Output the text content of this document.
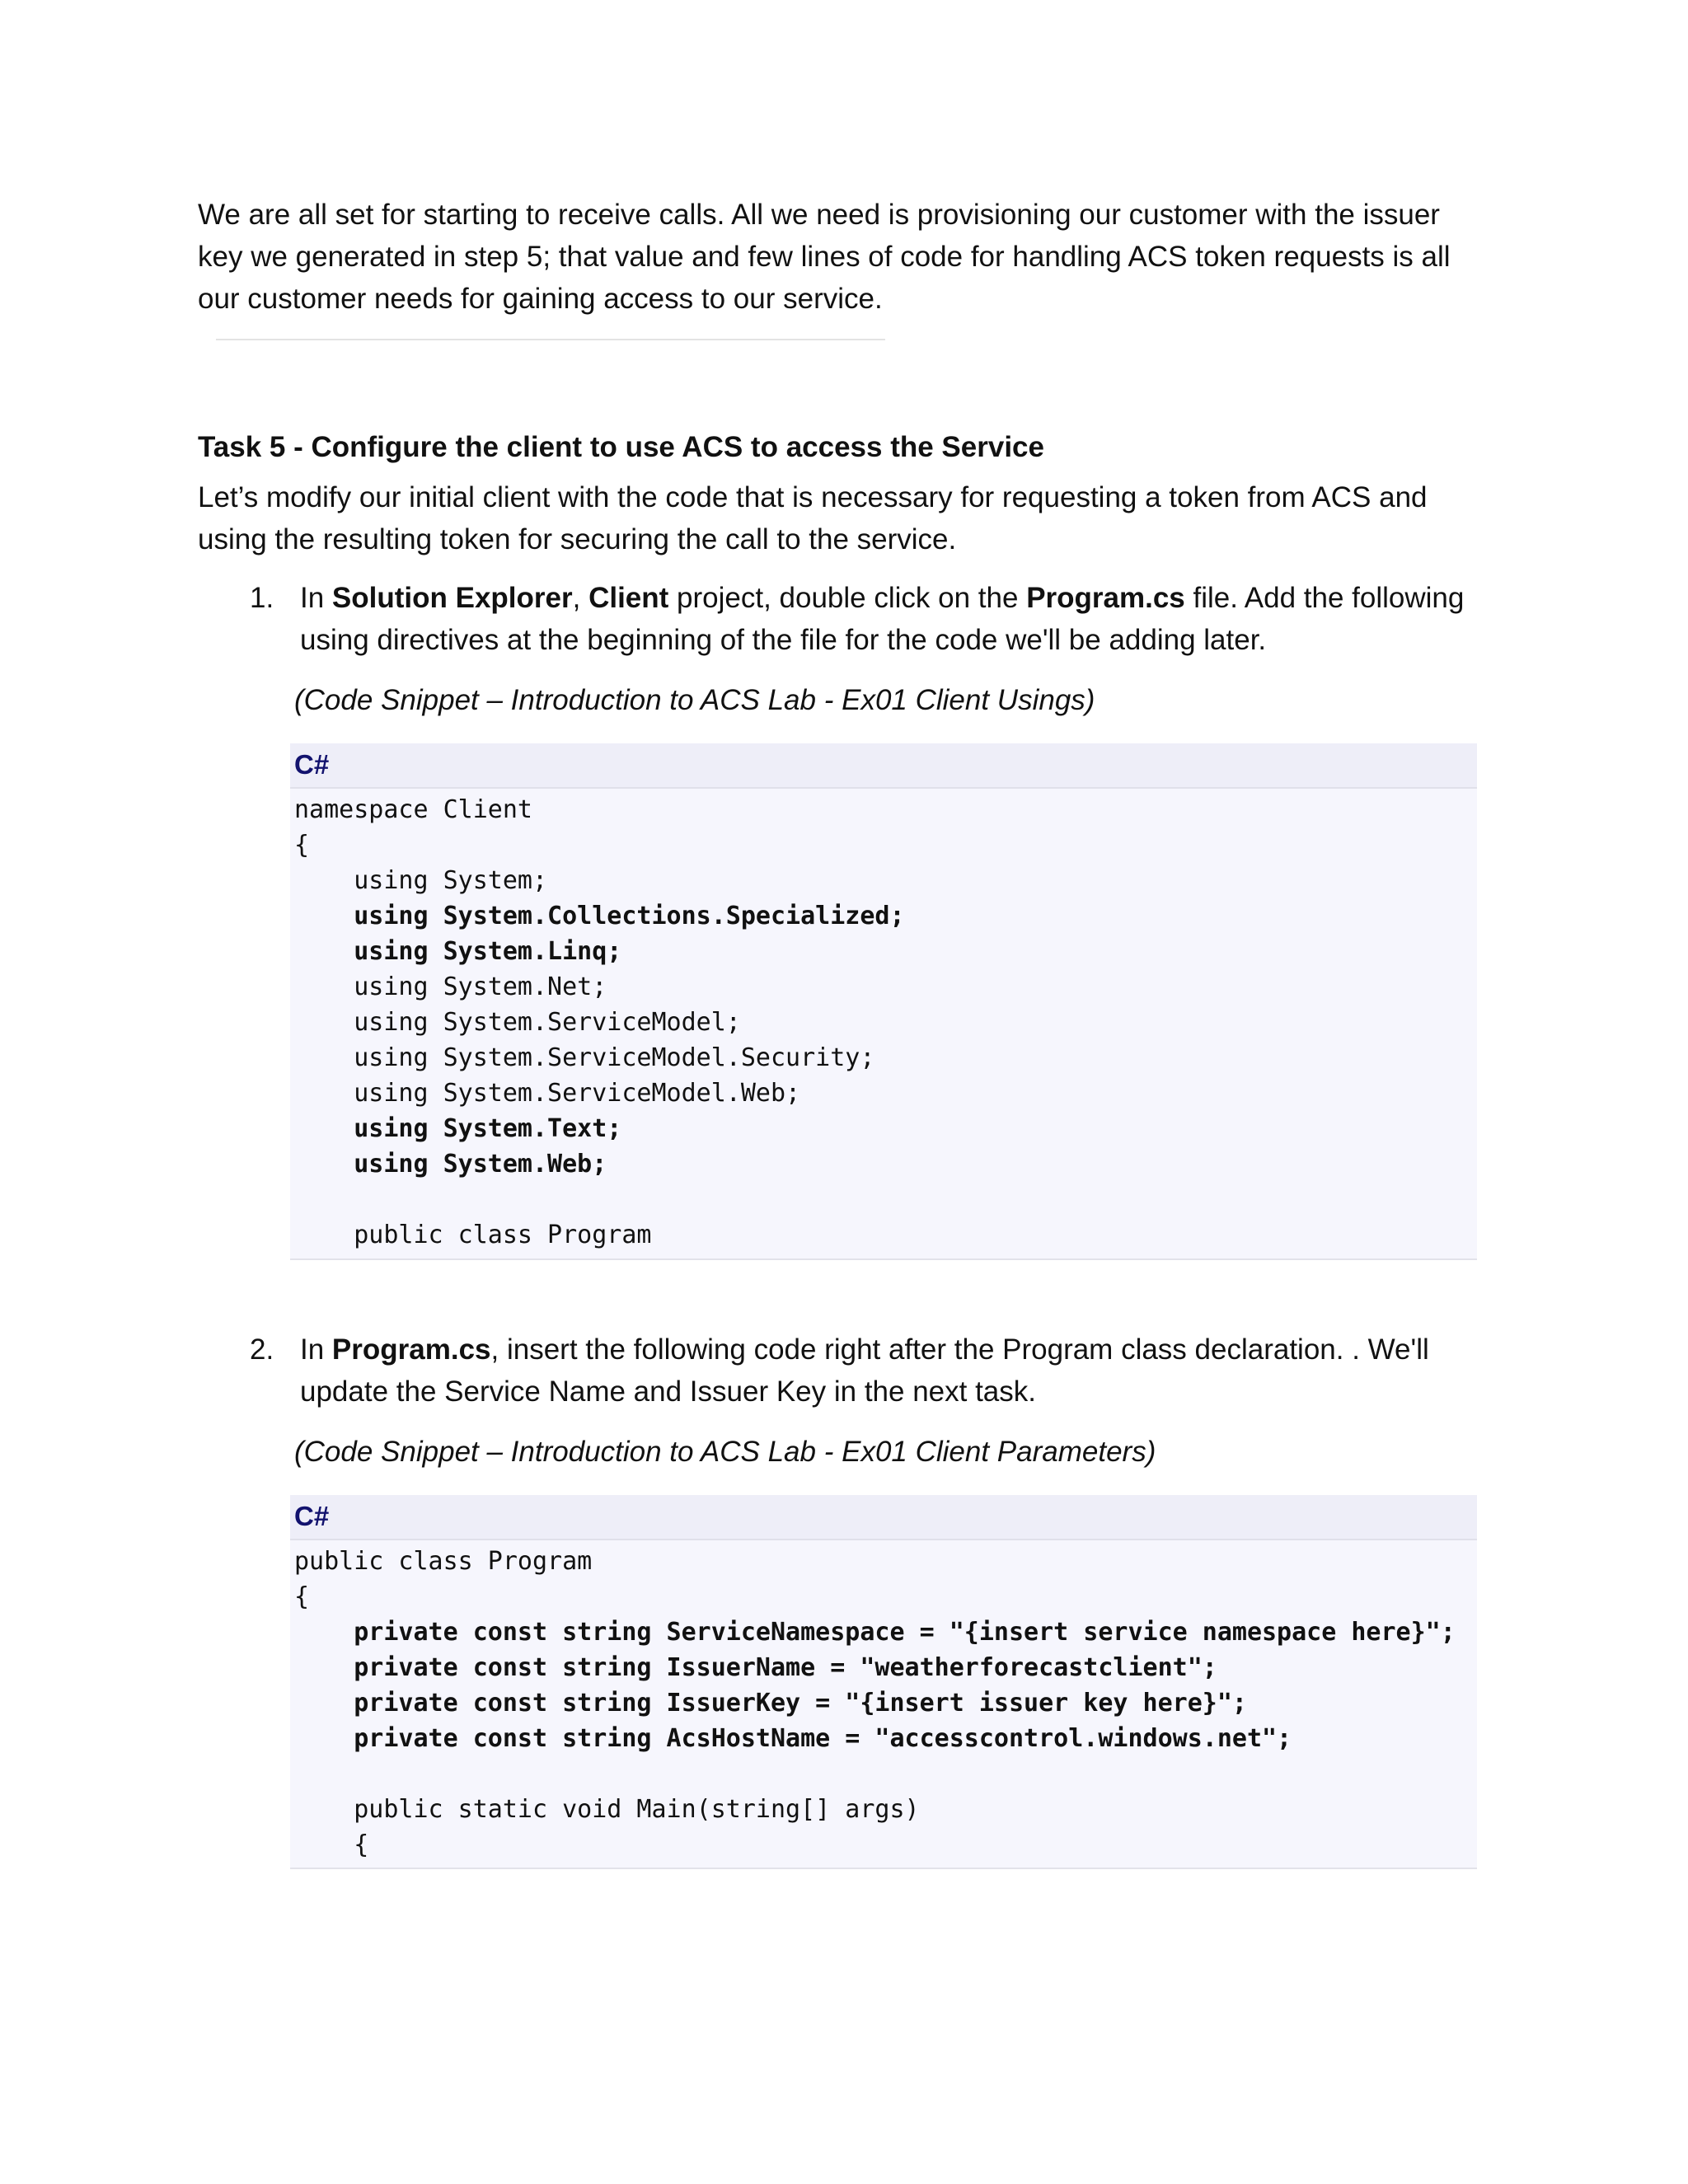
We are all set for starting to receive calls. All we need is provisioning our customer with the issuer key we generated in step 5; that value and few lines of code for handling ACS token requests is all our customer needs for gaining access to our service.

Task 5 - Configure the client to use ACS to access the Service

Let’s modify our initial client with the code that is necessary for requesting a token from ACS and using the resulting token for securing the call to the service.

1. In Solution Explorer, Client project, double click on the Program.cs file. Add the following using directives at the beginning of the file for the code we'll be adding later.

(Code Snippet – Introduction to ACS Lab - Ex01 Client Usings)

C#
namespace Client
{
using System;
using System.Collections.Specialized;
using System.Linq;
using System.Net;
using System.ServiceModel;
using System.ServiceModel.Security;
using System.ServiceModel.Web;
using System.Text;
using System.Web;
public class Program
2. In Program.cs, insert the following code right after the Program class declaration. . We'll update the Service Name and Issuer Key in the next task.

(Code Snippet – Introduction to ACS Lab - Ex01 Client Parameters)

C#
public class Program
{
private const string ServiceNamespace = "{insert service namespace here}";
private const string IssuerName = "weatherforecastclient";
private const string IssuerKey = "{insert issuer key here}";
private const string AcsHostName = "accesscontrol.windows.net";
public static void Main(string[] args)
{
